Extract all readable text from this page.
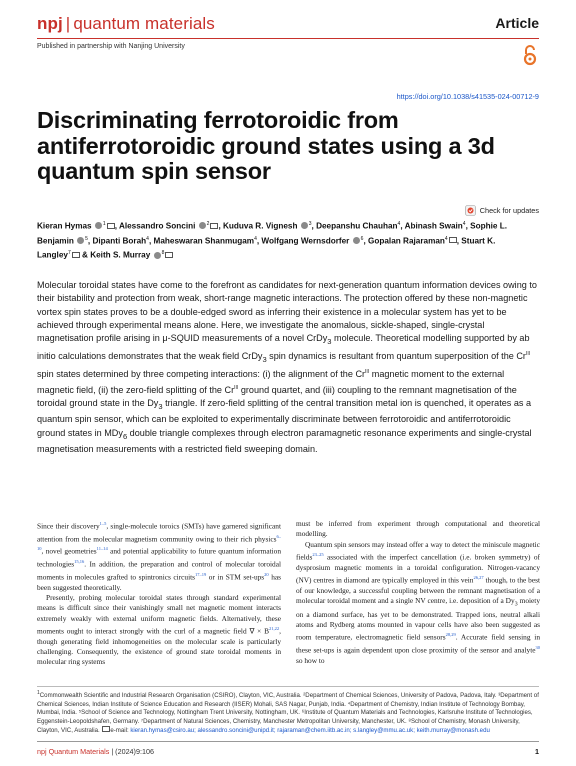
npj | quantum materials	Article
Published in partnership with Nanjing University
https://doi.org/10.1038/s41535-024-00712-9
Discriminating ferrotoroidic from antiferrotoroidic ground states using a 3d quantum spin sensor
Check for updates
Kieran Hymas $^1$ , Alessandro Soncini $^2$ , Kuduva R. Vignesh $^3$, Deepanshu Chauhan$^4$, Abinash Swain$^4$, Sophie L. Benjamin $^5$, Dipanti Borah$^4$, Maheswaran Shanmugam$^4$, Wolfgang Wernsdorfer $^6$, Gopalan Rajaraman$^4$ , Stuart K. Langley$^7$ & Keith S. Murray $^8$
Molecular toroidal states have come to the forefront as candidates for next-generation quantum information devices owing to their bistability and protection from weak, short-range magnetic interactions. The protection offered by these non-magnetic vortex spin states proves to be a double-edged sword as inferring their existence in a molecular system has yet to be achieved through experimental means alone. Here, we investigate the anomalous, sickle-shaped, single-crystal magnetisation profile arising in μ-SQUID measurements of a novel CrDy$_3$ molecule. Theoretical modelling supported by ab initio calculations demonstrates that the weak field CrDy$_3$ spin dynamics is resultant from quantum superposition of the $Cr^{III}$ spin states determined by three competing interactions: (i) the alignment of the $Cr^{III}$ magnetic moment to the external magnetic field, (ii) the zero-field splitting of the $Cr^{III}$ ground quartet, and (iii) coupling to the remnant magnetisation of the toroidal ground state in the $Dy_3$ triangle. If zero-field splitting of the central transition metal ion is quenched, it operates as a quantum spin sensor, which can be exploited to experimentally discriminate between ferrotoroidic and antiferrotoroidic ground states in MDy$_6$ double triangle complexes through electron paramagnetic resonance experiments and single-crystal magnetisation measurements with a restricted field sweeping domain.

Since their discovery$^{1-5}$, single-molecule toroics (SMTs) have garnered significant attention from the molecular magnetism community owing to their rich physics$^{6-10}$, novel geometries$^{11-14}$ and potential applicability to future quantum information technologies$^{15,16}$. In addition, the preparation and control of molecular toroidal moments in molecules grafted to spintronics circuits$^{17-19}$ or in STM set-ups$^{20}$ has been suggested theoretically.

Presently, probing molecular toroidal states through standard experimental means is difficult since their vanishingly small net magnetic moment interacts extremely weakly with external uniform magnetic fields. Alternatively, these moments ought to interact strongly with the curl of a magnetic field ∇ × B$^{21,22}$, though generating field inhomogeneities on the molecular scale is particularly challenging. Consequently, the existence of ground state toroidal moments in molecular ring systems

must be inferred from experiment through computational and theoretical modelling.

Quantum spin sensors may instead offer a way to detect the miniscule magnetic fields$^{23-25}$ associated with the imperfect cancellation (i.e. broken symmetry) of dysprosium magnetic moments in a toroidal configuration. Nitrogen-vacancy (NV) centres in diamond are typically employed in this vein$^{26,27}$ though, to the best of our knowledge, a successful coupling between the remnant magnetisation of a molecular toroidal moment and a single NV centre, i.e. deposition of a $Dy_3$ moiety on a diamond surface, has yet to be demonstrated. Trapped ions, neutral alkali atoms and Rydberg atoms mounted in vapour cells have also been suggested as room temperature, electromagnetic field sensors$^{28,29}$. Accurate field sensing in these set-ups is again dependent upon close proximity of the sensor and analyte$^{30}$ so how to

$^1$Commonwealth Scientific and Industrial Research Organisation (CSIRO), Clayton, VIC, Australia. ²Department of Chemical Sciences, University of Padova, Padova, Italy. ³Department of Chemical Sciences, Indian Institute of Science Education and Research (IISER) Mohali, SAS Nagar, Punjab, India. ⁴Department of Chemistry, Indian Institute of Technology Bombay, Mumbai, India. ⁵School of Science and Technology, Nottingham Trent University, Nottingham, UK. ⁶Institute of Quantum Materials and Technologies, Karlsruhe Institute of Technologies, Eggenstein-Leopoldshafen, Germany. ⁷Department of Natural Sciences, Chemistry, Manchester Metropolitan University, Manchester, UK. ⁸School of Chemistry, Monash University, Clayton, VIC, Australia. e-mail: kieran.hymas@csiro.au; alessandro.soncini@unipd.it; rajaraman@chem.iitb.ac.in; s.langley@mmu.ac.uk; keith.murray@monash.edu
npj Quantum Materials | (2024)9:106	1
